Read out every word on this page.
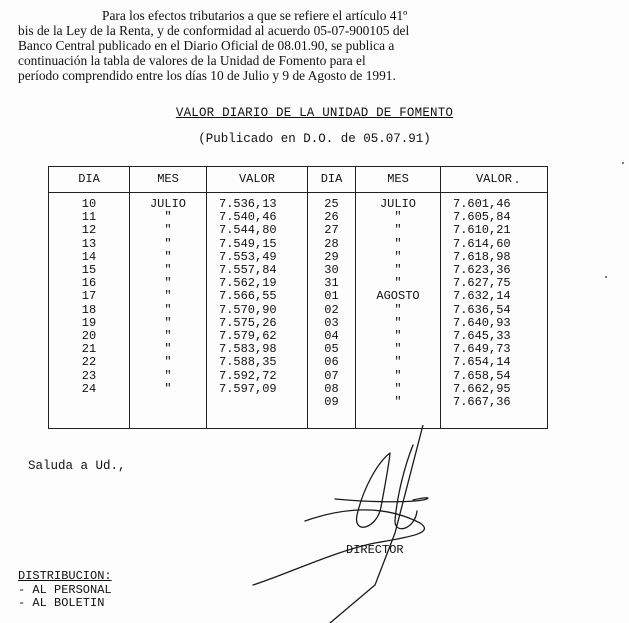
Para los efectos tributarios a que se refiere el artículo 41º
bis de la Ley de la Renta, y de conformidad al acuerdo 05-07-900105 del
Banco Central publicado en el Diario Oficial de 08.01.90, se publica a
continuación la tabla de valores de la Unidad de Fomento para el
período comprendido entre los días 10 de Julio y 9 de Agosto de 1991.
VALOR DIARIO DE LA UNIDAD DE FOMENTO
(Publicado en D.O. de 05.07.91)
DIA	MES	VALOR	DIA	MES	VALOR

10	JULIO	7.536,13	25	JULIO	7.601,46
11	"	7.540,46	26	"	7.605,84
12	"	7.544,80	27	"	7.610,21
13	"	7.549,15	28	"	7.614,60
14	"	7.553,49	29	"	7.618,98
15	"	7.557,84	30	"	7.623,36
16	"	7.562,19	31	"	7.627,75
17	"	7.566,55	01	AGOSTO	7.632,14
18	"	7.570,90	02	"	7.636,54
19	"	7.575,26	03	"	7.640,93
20	"	7.579,62	04	"	7.645,33
21	"	7.583,98	05	"	7.649,73
22	"	7.588,35	06	"	7.654,14
23	"	7.592,72	07	"	7.658,54
24	"	7.597,09	08	"	7.662,95
			09	"	7.667,36

Saluda a Ud.,
DIRECTOR
DISTRIBUCION:
- AL PERSONAL
- AL BOLETIN
